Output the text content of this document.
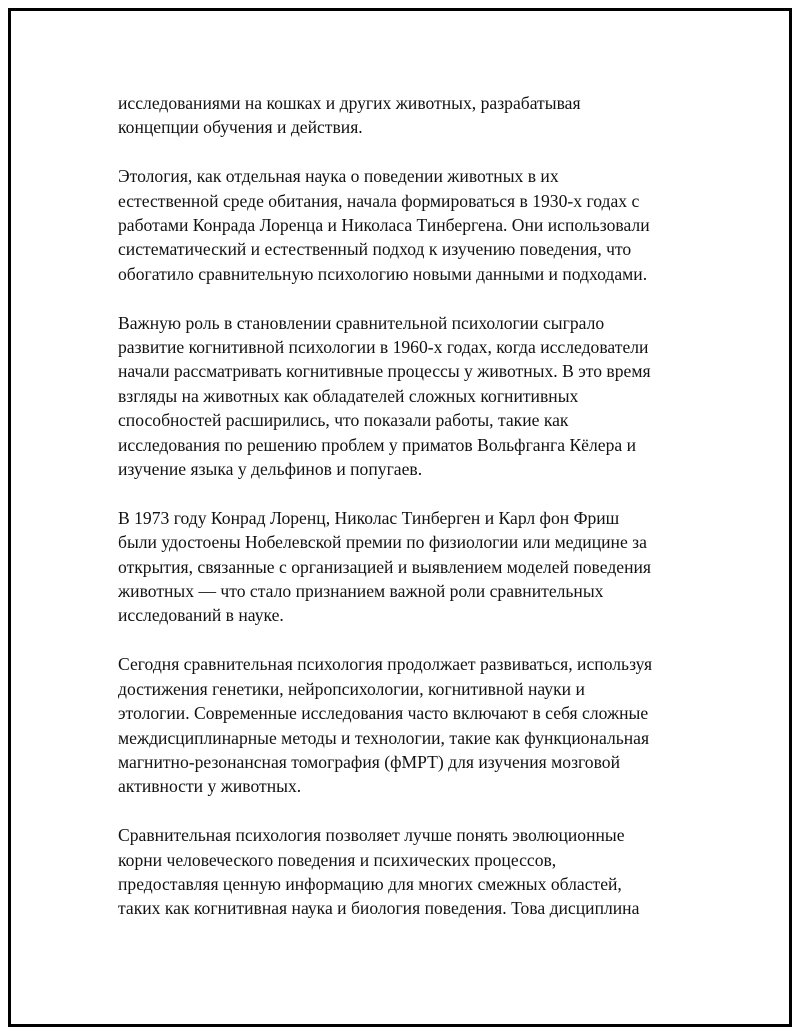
исследованиями на кошках и других животных, разрабатывая
концепции обучения и действия.

Этология, как отдельная наука о поведении животных в их
естественной среде обитания, начала формироваться в 1930-х годах с
работами Конрада Лоренца и Николаса Тинбергена. Они использовали
систематический и естественный подход к изучению поведения, что
обогатило сравнительную психологию новыми данными и подходами.

Важную роль в становлении сравнительной психологии сыграло
развитие когнитивной психологии в 1960-х годах, когда исследователи
начали рассматривать когнитивные процессы у животных. В это время
взгляды на животных как обладателей сложных когнитивных
способностей расширились, что показали работы, такие как
исследования по решению проблем у приматов Вольфганга Кёлера и
изучение языка у дельфинов и попугаев.

В 1973 году Конрад Лоренц, Николас Тинберген и Карл фон Фриш
были удостоены Нобелевской премии по физиологии или медицине за
открытия, связанные с организацией и выявлением моделей поведения
животных — что стало признанием важной роли сравнительных
исследований в науке.

Сегодня сравнительная психология продолжает развиваться, используя
достижения генетики, нейропсихологии, когнитивной науки и
этологии. Современные исследования часто включают в себя сложные
междисциплинарные методы и технологии, такие как функциональная
магнитно-резонансная томография (фМРТ) для изучения мозговой
активности у животных.

Сравнительная психология позволяет лучше понять эволюционные
корни человеческого поведения и психических процессов,
предоставляя ценную информацию для многих смежных областей,
таких как когнитивная наука и биология поведения. Това дисциплина
